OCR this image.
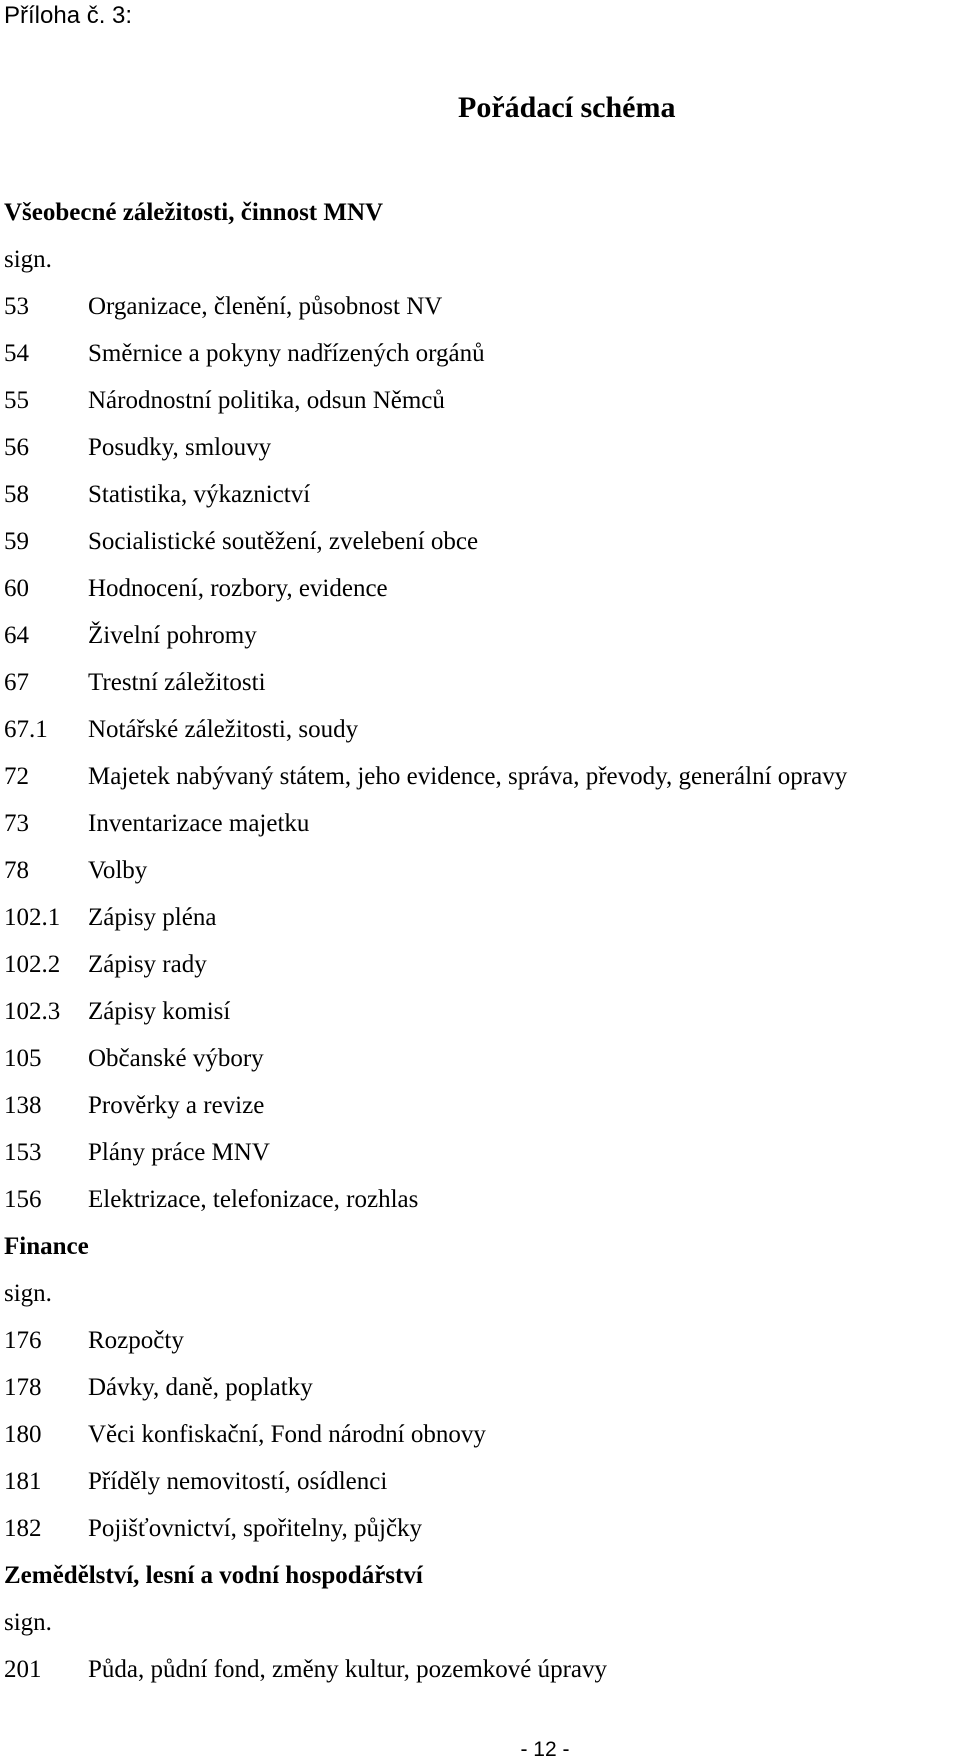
Příloha č. 3:

Pořádací schéma
Všeobecné záležitosti, činnost MNV
sign.
53 Organizace, členění, působnost NV
54 Směrnice a pokyny nadřízených orgánů
55 Národnostní politika, odsun Němců
56 Posudky, smlouvy
58 Statistika, výkaznictví
59 Socialistické soutěžení, zvelebení obce
60 Hodnocení, rozbory, evidence
64 Živelní pohromy
67 Trestní záležitosti
67.1 Notářské záležitosti, soudy
72 Majetek nabývaný státem, jeho evidence, správa, převody, generální opravy
73 Inventarizace majetku
78 Volby
102.1 Zápisy pléna
102.2 Zápisy rady
102.3 Zápisy komisí
105 Občanské výbory
138 Prověrky a revize
153 Plány práce MNV
156 Elektrizace, telefonizace, rozhlas
Finance
sign.
176 Rozpočty
178 Dávky, daně, poplatky
180 Věci konfiskační, Fond národní obnovy
181 Příděly nemovitostí, osídlenci
182 Pojišťovnictví, spořitelny, půjčky
Zemědělství, lesní a vodní hospodářství
sign.
201 Půda, půdní fond, změny kultur, pozemkové úpravy
- 12 -
